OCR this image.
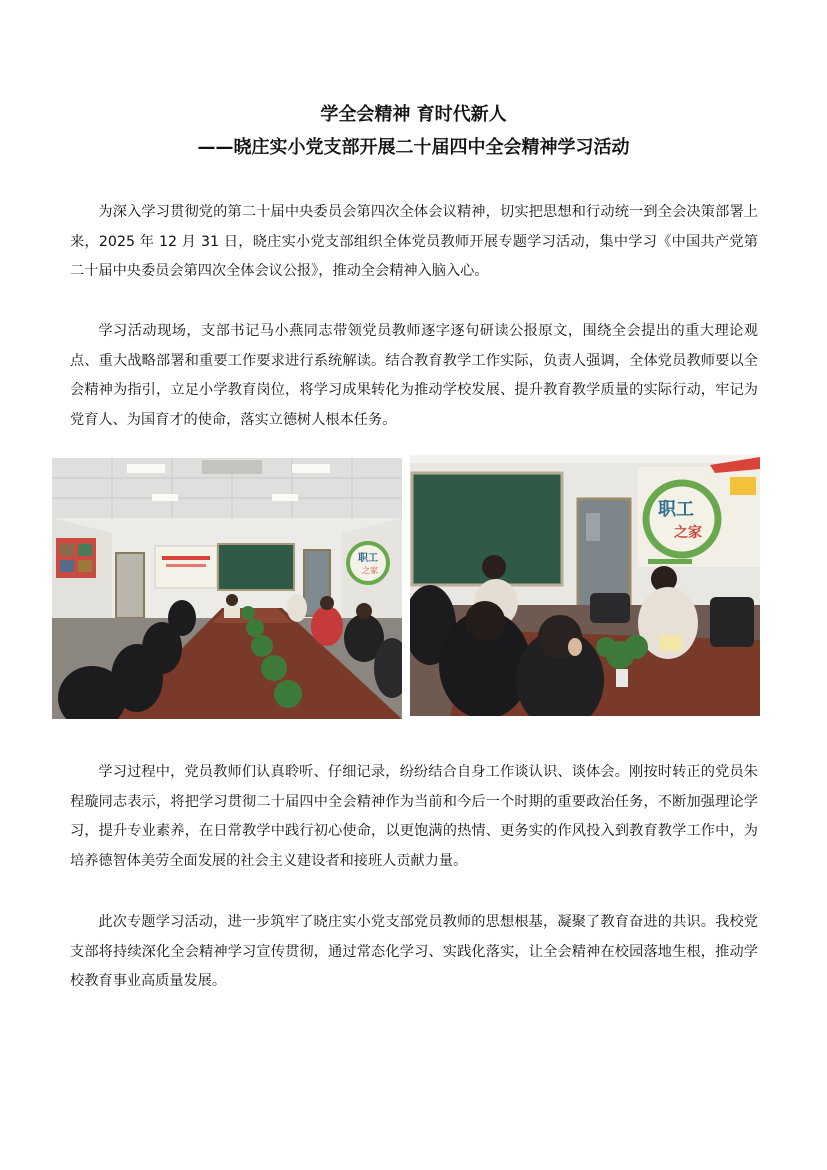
学全会精神 育时代新人
——晓庄实小党支部开展二十届四中全会精神学习活动

为深入学习贯彻党的第二十届中央委员会第四次全体会议精神，切实把思想和行动统一到全会决策部署上来，2025 年 12 月 31 日，晓庄实小党支部组织全体党员教师开展专题学习活动，集中学习《中国共产党第二十届中央委员会第四次全体会议公报》，推动全会精神入脑入心。

学习活动现场，支部书记马小燕同志带领党员教师逐字逐句研读公报原文，围绕全会提出的重大理论观点、重大战略部署和重要工作要求进行系统解读。结合教育教学工作实际，负责人强调，全体党员教师要以全会精神为指引，立足小学教育岗位，将学习成果转化为推动学校发展、提升教育教学质量的实际行动，牢记为党育人、为国育才的使命，落实立德树人根本任务。

职工
之家
职工
之家

学习过程中，党员教师们认真聆听、仔细记录，纷纷结合自身工作谈认识、谈体会。刚按时转正的党员朱程璇同志表示，将把学习贯彻二十届四中全会精神作为当前和今后一个时期的重要政治任务，不断加强理论学习，提升专业素养，在日常教学中践行初心使命，以更饱满的热情、更务实的作风投入到教育教学工作中，为培养德智体美劳全面发展的社会主义建设者和接班人贡献力量。

此次专题学习活动，进一步筑牢了晓庄实小党支部党员教师的思想根基，凝聚了教育奋进的共识。我校党支部将持续深化全会精神学习宣传贯彻，通过常态化学习、实践化落实，让全会精神在校园落地生根，推动学校教育事业高质量发展。
